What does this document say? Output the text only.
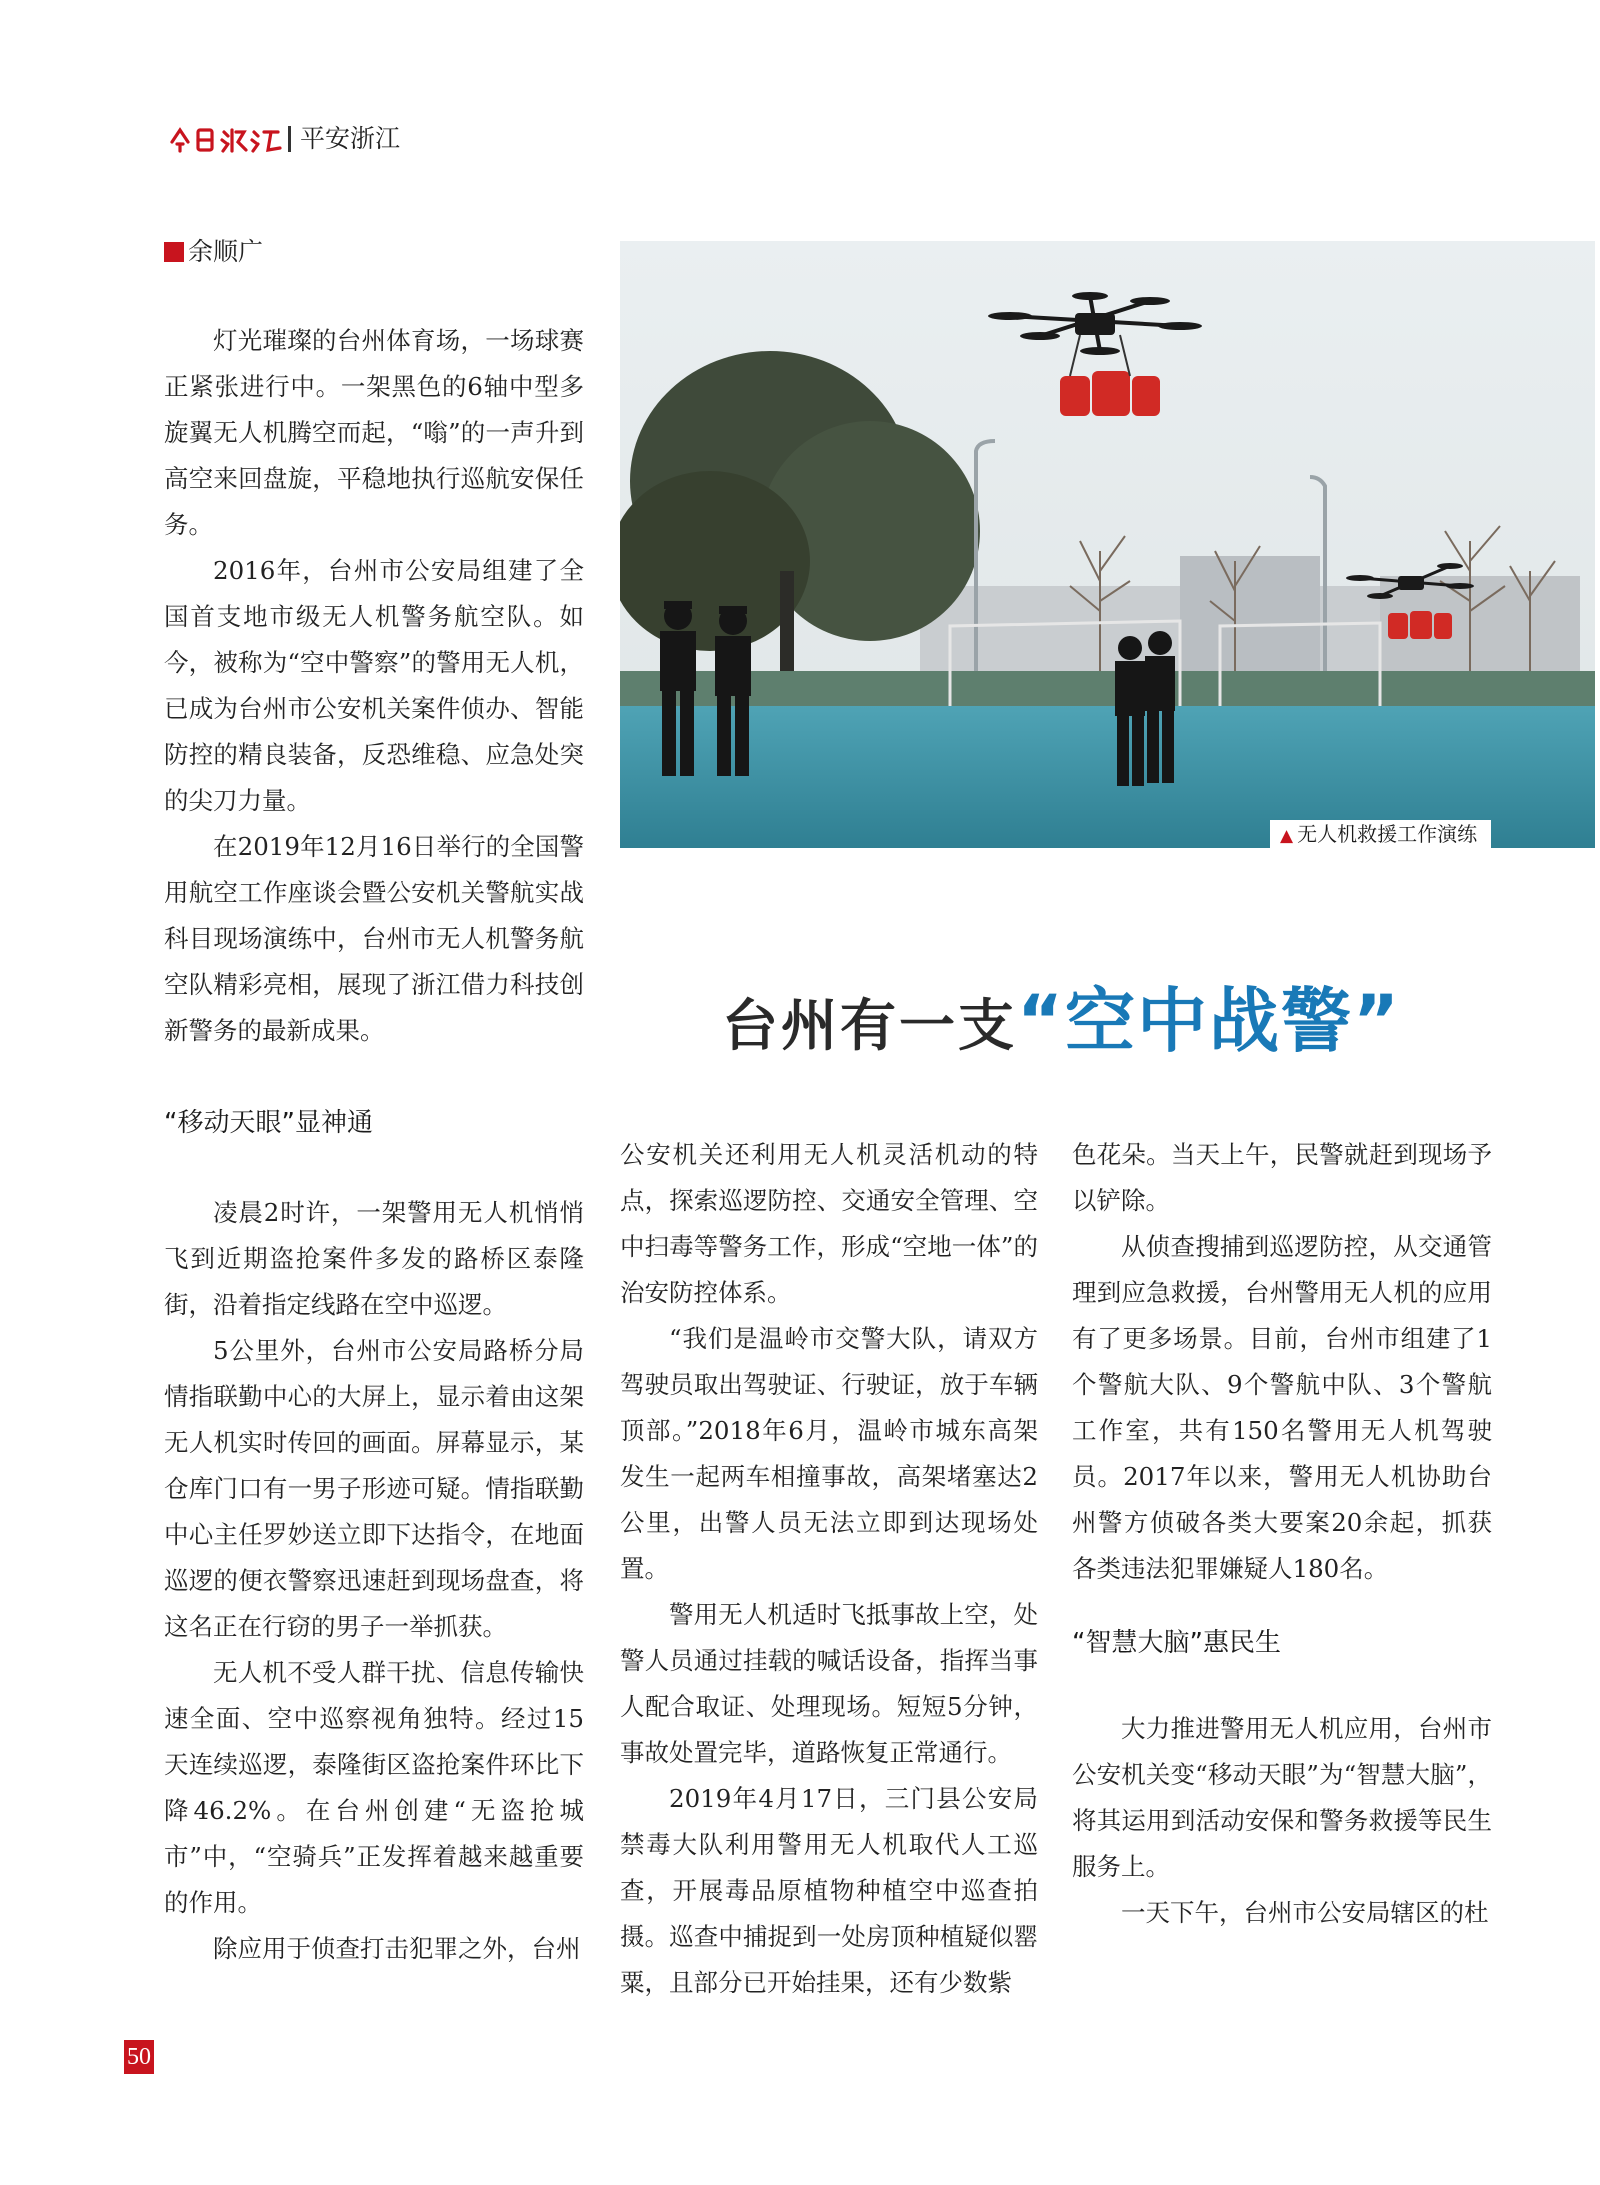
平安浙江
余顺广

灯光璀璨的台州体育场，一场球赛正紧张进行中。一架黑色的6轴中型多旋翼无人机腾空而起，“嗡”的一声升到高空来回盘旋，平稳地执行巡航安保任务。

2016年，台州市公安局组建了全国首支地市级无人机警务航空队。如今，被称为“空中警察”的警用无人机，已成为台州市公安机关案件侦办、智能防控的精良装备，反恐维稳、应急处突的尖刀力量。

在2019年12月16日举行的全国警用航空工作座谈会暨公安机关警航实战科目现场演练中，台州市无人机警务航空队精彩亮相，展现了浙江借力科技创新警务的最新成果。

“移动天眼”显神通

凌晨2时许，一架警用无人机悄悄飞到近期盗抢案件多发的路桥区泰隆街，沿着指定线路在空中巡逻。

5公里外，台州市公安局路桥分局情指联勤中心的大屏上，显示着由这架无人机实时传回的画面。屏幕显示，某仓库门口有一男子形迹可疑。情指联勤中心主任罗妙送立即下达指令，在地面巡逻的便衣警察迅速赶到现场盘查，将这名正在行窃的男子一举抓获。

无人机不受人群干扰、信息传输快速全面、空中巡察视角独特。经过15天连续巡逻，泰隆街区盗抢案件环比下降46.2%。在台州创建“无盗抢城市”中，“空骑兵”正发挥着越来越重要的作用。

除应用于侦查打击犯罪之外，台州

▲ 无人机救援工作演练
台州有一支“空中战警”

公安机关还利用无人机灵活机动的特点，探索巡逻防控、交通安全管理、空中扫毒等警务工作，形成“空地一体”的治安防控体系。

“我们是温岭市交警大队，请双方驾驶员取出驾驶证、行驶证，放于车辆顶部。”2018年6月，温岭市城东高架发生一起两车相撞事故，高架堵塞达2公里，出警人员无法立即到达现场处置。

警用无人机适时飞抵事故上空，处警人员通过挂载的喊话设备，指挥当事人配合取证、处理现场。短短5分钟，事故处置完毕，道路恢复正常通行。

2019年4月17日，三门县公安局禁毒大队利用警用无人机取代人工巡查，开展毒品原植物种植空中巡查拍摄。巡查中捕捉到一处房顶种植疑似罂粟，且部分已开始挂果，还有少数紫

色花朵。当天上午，民警就赶到现场予以铲除。

从侦查搜捕到巡逻防控，从交通管理到应急救援，台州警用无人机的应用有了更多场景。目前，台州市组建了1个警航大队、9个警航中队、3个警航工作室，共有150名警用无人机驾驶员。2017年以来，警用无人机协助台州警方侦破各类大要案20余起，抓获各类违法犯罪嫌疑人180名。

“智慧大脑”惠民生

大力推进警用无人机应用，台州市公安机关变“移动天眼”为“智慧大脑”，将其运用到活动安保和警务救援等民生服务上。

一天下午，台州市公安局辖区的杜

50
